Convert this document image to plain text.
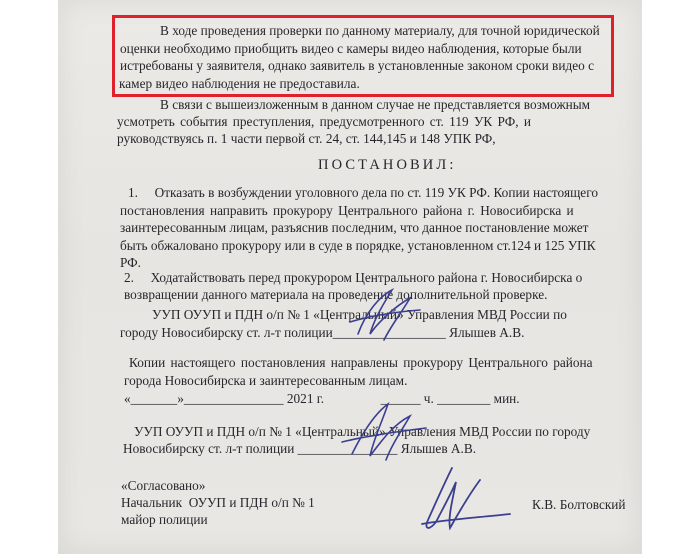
В ходе проведения проверки по данному материалу, для точной юридической
оценки необходимо приобщить видео с камеры видео наблюдения, которые были
истребованы у заявителя, однако заявитель в установленные законом сроки видео с
камер видео наблюдения не предоставила.
В связи с вышеизложенным в данном случае не представляется возможным
усмотреть события преступления, предусмотренного ст. 119 УК РФ, и
руководствуясь п. 1 части первой ст. 24, ст. 144,145 и 148 УПК РФ,
ПОСТАНОВИЛ:
1.     Отказать в возбуждении уголовного дела по ст. 119 УК РФ. Копии настоящего
постановления направить прокурору Центрального района г. Новосибирска и
заинтересованным лицам, разъяснив последним, что данное постановление может
быть обжаловано прокурору или в суде в порядке, установленном ст.124 и 125 УПК
РФ.
2.     Ходатайствовать перед прокурором Центрального района г. Новосибирска о
возвращении данного материала на проведение дополнительной проверке.
УУП ОУУП и ПДН о/п № 1 «Центральный» Управления МВД России по
городу Новосибирску ст. л-т полиции_________________ Ялышев А.В.
Копии настоящего постановления направлены прокурору Центрального района
города Новосибирска и заинтересованным лицам.
«_______»_______________ 2021 г.                 ______ ч. ________ мин.
УУП ОУУП и ПДН о/п № 1 «Центральный» Управления МВД России по городу
Новосибирску ст. л-т полиции _______________ Ялышев А.В.
«Согласовано»
Начальник  ОУУП и ПДН о/п № 1
майор полиции
К.В. Болтовский
